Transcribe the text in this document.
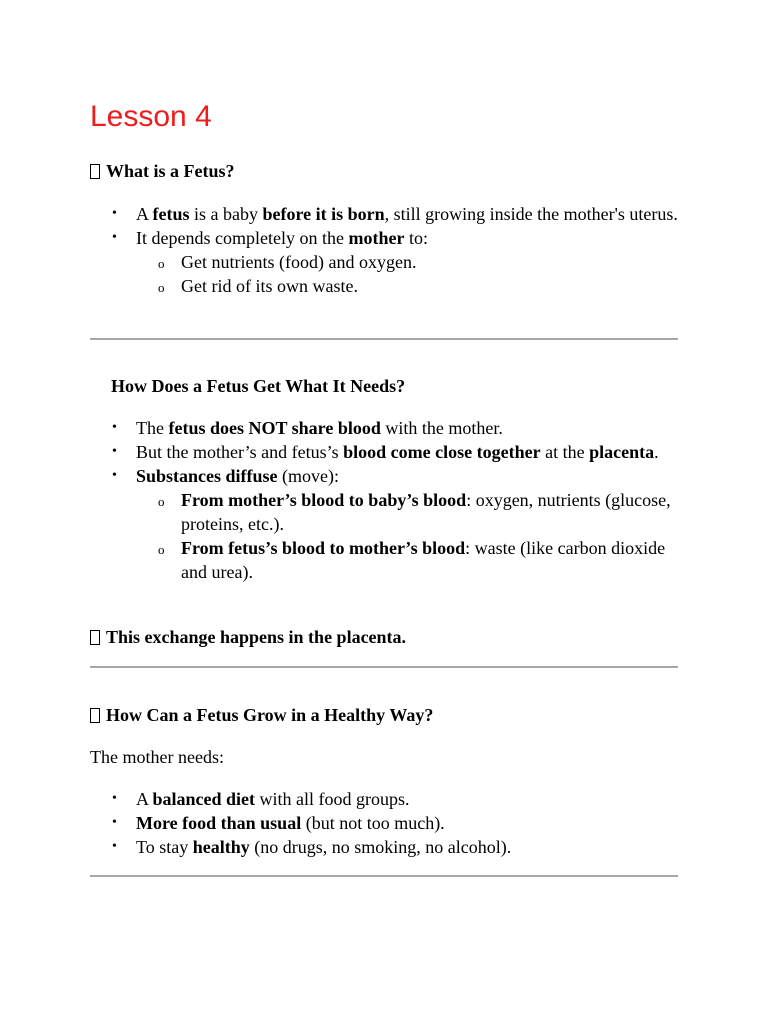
Lesson 4
What is a Fetus?
• A fetus is a baby before it is born, still growing inside the mother's uterus.
• It depends completely on the mother to:
o Get nutrients (food) and oxygen.
o Get rid of its own waste.
How Does a Fetus Get What It Needs?
• The fetus does NOT share blood with the mother.
• But the mother’s and fetus’s blood come close together at the placenta.
• Substances diffuse (move):
o From mother’s blood to baby’s blood: oxygen, nutrients (glucose, proteins, etc.).
o From fetus’s blood to mother’s blood: waste (like carbon dioxide and urea).

This exchange happens in the placenta.

How Can a Fetus Grow in a Healthy Way?

The mother needs:

• A balanced diet with all food groups.
• More food than usual (but not too much).
• To stay healthy (no drugs, no smoking, no alcohol).
